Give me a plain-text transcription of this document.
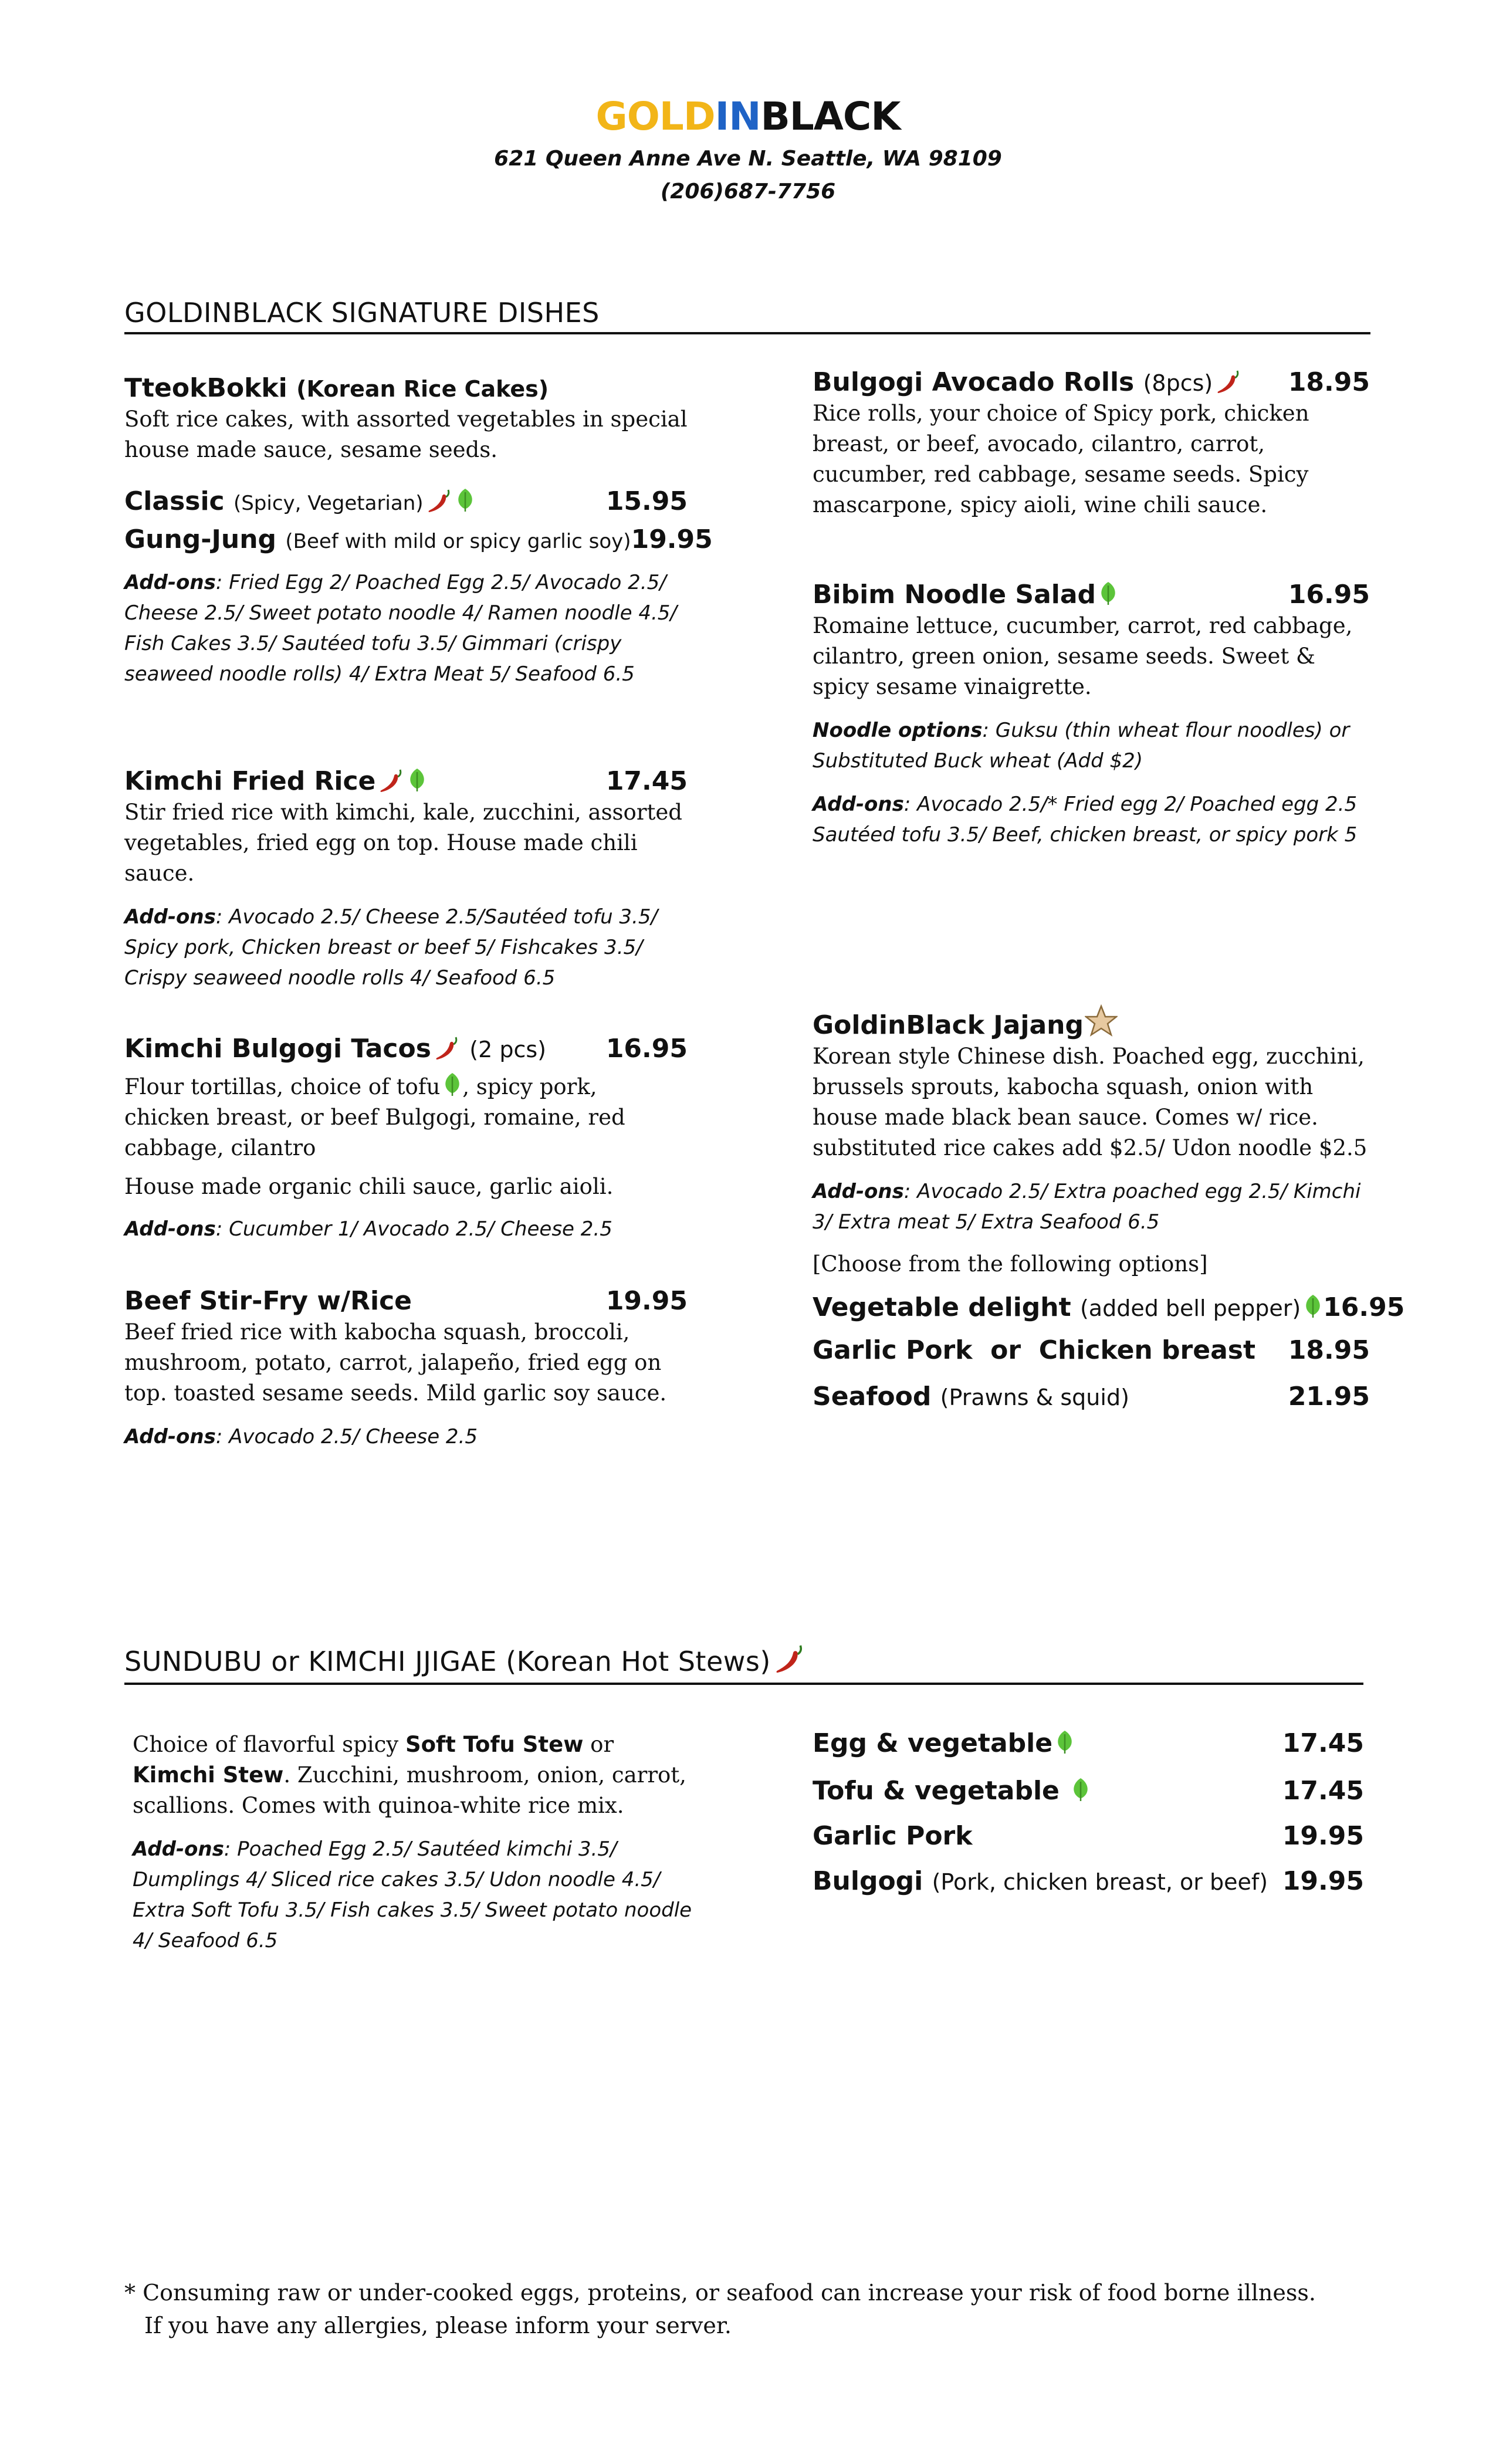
GOLDINBLACK
621 Queen Anne Ave N. Seattle, WA 98109
(206)687-7756
GOLDINBLACK SIGNATURE DISHES
TteokBokki (Korean Rice Cakes)
Soft rice cakes, with assorted vegetables in special house made sauce, sesame seeds.
Classic (Spicy, Vegetarian)	15.95
Gung-Jung (Beef with mild or spicy garlic soy) 19.95
Add-ons: Fried Egg 2/ Poached Egg 2.5/ Avocado 2.5/ Cheese 2.5/ Sweet potato noodle 4/ Ramen noodle 4.5/ Fish Cakes 3.5/ Sautéed tofu 3.5/ Gimmari (crispy seaweed noodle rolls) 4/ Extra Meat 5/ Seafood 6.5
Kimchi Fried Rice	17.45
Stir fried rice with kimchi, kale, zucchini, assorted vegetables, fried egg on top. House made chili sauce.
Add-ons: Avocado 2.5/ Cheese 2.5/Sautéed tofu 3.5/ Spicy pork, Chicken breast or beef 5/ Fishcakes 3.5/ Crispy seaweed noodle rolls 4/ Seafood 6.5
Kimchi Bulgogi Tacos (2 pcs) 16.95
Flour tortillas, choice of tofu , spicy pork, chicken breast, or beef Bulgogi, romaine, red cabbage, cilantro
House made organic chili sauce, garlic aioli.
Add-ons: Cucumber 1/ Avocado 2.5/ Cheese 2.5
Beef Stir-Fry w/Rice	19.95
Beef fried rice with kabocha squash, broccoli, mushroom, potato, carrot, jalapeño, fried egg on top. toasted sesame seeds. Mild garlic soy sauce.
Add-ons: Avocado 2.5/ Cheese 2.5
Bulgogi Avocado Rolls (8pcs)	18.95
Rice rolls, your choice of Spicy pork, chicken breast, or beef, avocado, cilantro, carrot, cucumber, red cabbage, sesame seeds. Spicy mascarpone, spicy aioli, wine chili sauce.
Bibim Noodle Salad	16.95
Romaine lettuce, cucumber, carrot, red cabbage, cilantro, green onion, sesame seeds. Sweet & spicy sesame vinaigrette.
Noodle options: Guksu (thin wheat flour noodles) or Substituted Buck wheat (Add $2)
Add-ons: Avocado 2.5/* Fried egg 2/ Poached egg 2.5 Sautéed tofu 3.5/ Beef, chicken breast, or spicy pork 5
GoldinBlack Jajang
Korean style Chinese dish. Poached egg, zucchini, brussels sprouts, kabocha squash, onion with house made black bean sauce. Comes w/ rice. substituted rice cakes add $2.5/ Udon noodle $2.5
Add-ons: Avocado 2.5/ Extra poached egg 2.5/ Kimchi 3/ Extra meat 5/ Extra Seafood 6.5
[Choose from the following options]
Vegetable delight (added bell pepper) 16.95
Garlic Pork  or  Chicken breast 18.95
Seafood (Prawns & squid)	21.95
SUNDUBU or KIMCHI JJIGAE (Korean Hot Stews)
Choice of flavorful spicy Soft Tofu Stew or Kimchi Stew. Zucchini, mushroom, onion, carrot, scallions. Comes with quinoa-white rice mix.
Add-ons: Poached Egg 2.5/ Sautéed kimchi 3.5/ Dumplings 4/ Sliced rice cakes 3.5/ Udon noodle 4.5/ Extra Soft Tofu 3.5/ Fish cakes 3.5/ Sweet potato noodle 4/ Seafood 6.5
Egg & vegetable	17.45
Tofu & vegetable	17.45
Garlic Pork	19.95
Bulgogi (Pork, chicken breast, or beef) 19.95
* Consuming raw or under-cooked eggs, proteins, or seafood can increase your risk of food borne illness.
If you have any allergies, please inform your server.
